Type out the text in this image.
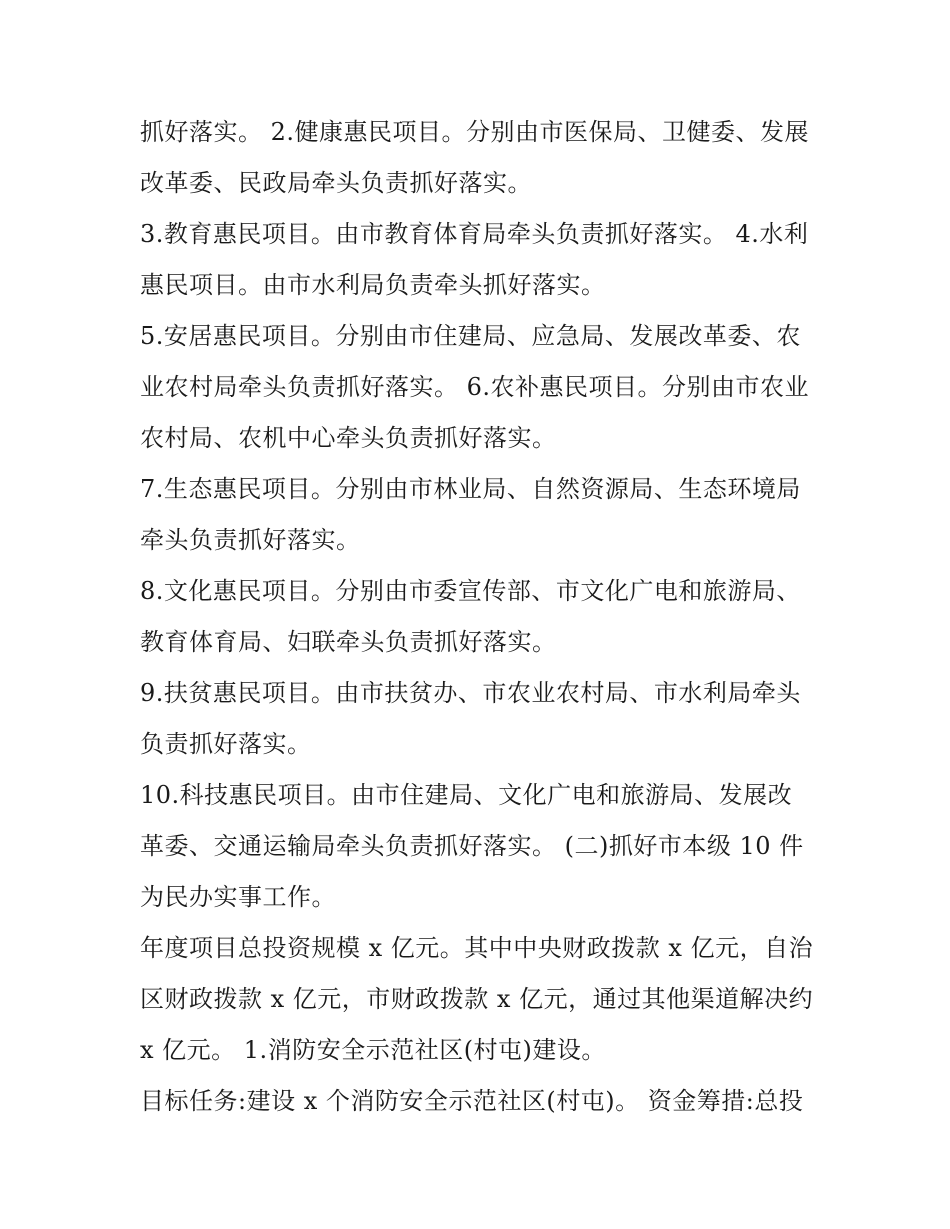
抓好落实。 2.健康惠民项目。分别由市医保局、卫健委、发展
改革委、民政局牵头负责抓好落实。
3.教育惠民项目。由市教育体育局牵头负责抓好落实。 4.水利
惠民项目。由市水利局负责牵头抓好落实。
5.安居惠民项目。分别由市住建局、应急局、发展改革委、农
业农村局牵头负责抓好落实。 6.农补惠民项目。分别由市农业
农村局、农机中心牵头负责抓好落实。
7.生态惠民项目。分别由市林业局、自然资源局、生态环境局
牵头负责抓好落实。
8.文化惠民项目。分别由市委宣传部、市文化广电和旅游局、
教育体育局、妇联牵头负责抓好落实。
9.扶贫惠民项目。由市扶贫办、市农业农村局、市水利局牵头
负责抓好落实。
10.科技惠民项目。由市住建局、文化广电和旅游局、发展改
革委、交通运输局牵头负责抓好落实。 (二)抓好市本级 10 件
为民办实事工作。
年度项目总投资规模 x 亿元。其中中央财政拨款 x 亿元，自治
区财政拨款 x 亿元，市财政拨款 x 亿元，通过其他渠道解决约
x 亿元。 1.消防安全示范社区(村屯)建设。
目标任务:建设 x 个消防安全示范社区(村屯)。 资金筹措:总投
